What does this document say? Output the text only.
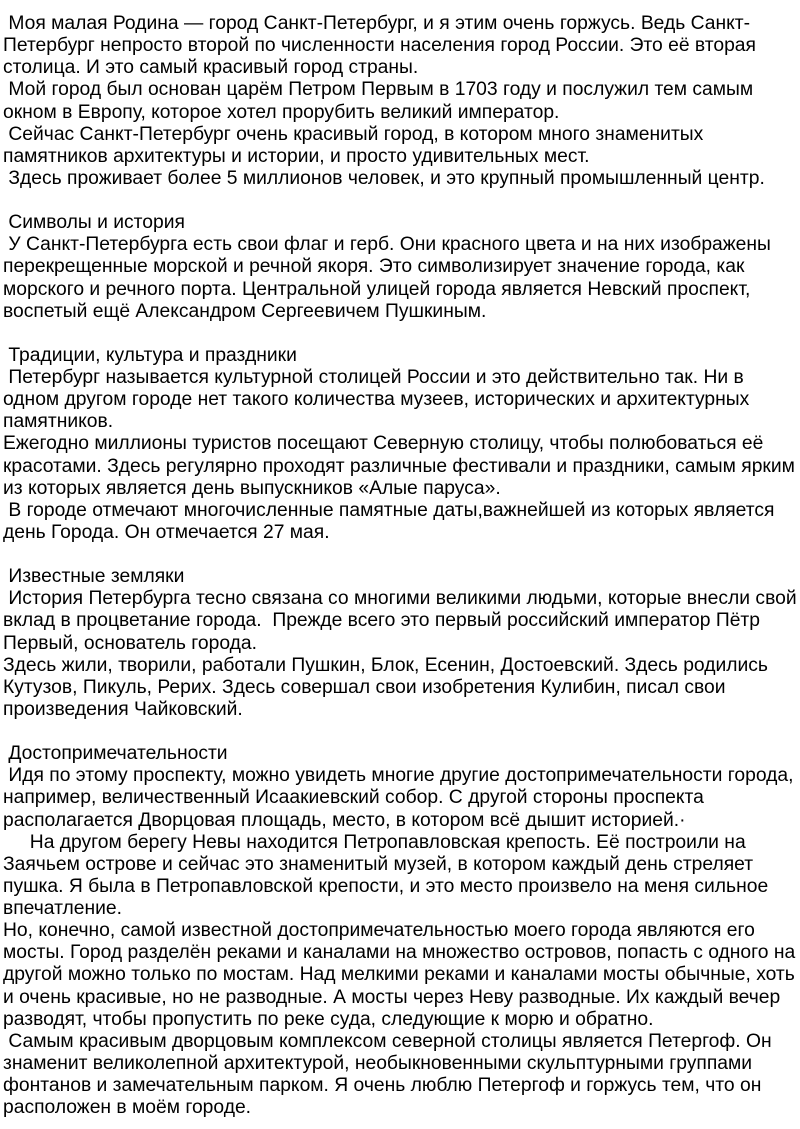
Моя малая Родина — город Санкт-Петербург, и я этим очень горжусь. Ведь Санкт-
Петербург непросто второй по численности населения город России. Это её вторая
столица. И это самый красивый город страны.
Мой город был основан царём Петром Первым в 1703 году и послужил тем самым
окном в Европу, которое хотел прорубить великий император.
Сейчас Санкт-Петербург очень красивый город, в котором много знаменитых
памятников архитектуры и истории, и просто удивительных мест.
Здесь проживает более 5 миллионов человек, и это крупный промышленный центр.
Символы и история
У Санкт-Петербурга есть свои флаг и герб. Они красного цвета и на них изображены
перекрещенные морской и речной якоря. Это символизирует значение города, как
морского и речного порта. Центральной улицей города является Невский проспект,
воспетый ещё Александром Сергеевичем Пушкиным.
Традиции, культура и праздники
Петербург называется культурной столицей России и это действительно так. Ни в
одном другом городе нет такого количества музеев, исторических и архитектурных
памятников.
Ежегодно миллионы туристов посещают Северную столицу, чтобы полюбоваться её
красотами. Здесь регулярно проходят различные фестивали и праздники, самым ярким
из которых является день выпускников «Алые паруса».
В городе отмечают многочисленные памятные даты,важнейшей из которых является
день Города. Он отмечается 27 мая.
Известные земляки
История Петербурга тесно связана со многими великими людьми, которые внесли свой
вклад в процветание города.  Прежде всего это первый российский император Пётр
Первый, основатель города.
Здесь жили, творили, работали Пушкин, Блок, Есенин, Достоевский. Здесь родились
Кутузов, Пикуль, Рерих. Здесь совершал свои изобретения Кулибин, писал свои
произведения Чайковский.
Достопримечательности
Идя по этому проспекту, можно увидеть многие другие достопримечательности города,
например, величественный Исаакиевский собор. С другой стороны проспекта
располагается Дворцовая площадь, место, в котором всё дышит историей.·
На другом берегу Невы находится Петропавловская крепость. Её построили на
Заячьем острове и сейчас это знаменитый музей, в котором каждый день стреляет
пушка. Я была в Петропавловской крепости, и это место произвело на меня сильное
впечатление.
Но, конечно, самой известной достопримечательностью моего города являются его
мосты. Город разделён реками и каналами на множество островов, попасть с одного на
другой можно только по мостам. Над мелкими реками и каналами мосты обычные, хоть
и очень красивые, но не разводные. А мосты через Неву разводные. Их каждый вечер
разводят, чтобы пропустить по реке суда, следующие к морю и обратно.
Самым красивым дворцовым комплексом северной столицы является Петергоф. Он
знаменит великолепной архитектурой, необыкновенными скульптурными группами
фонтанов и замечательным парком. Я очень люблю Петергоф и горжусь тем, что он
расположен в моём городе.
